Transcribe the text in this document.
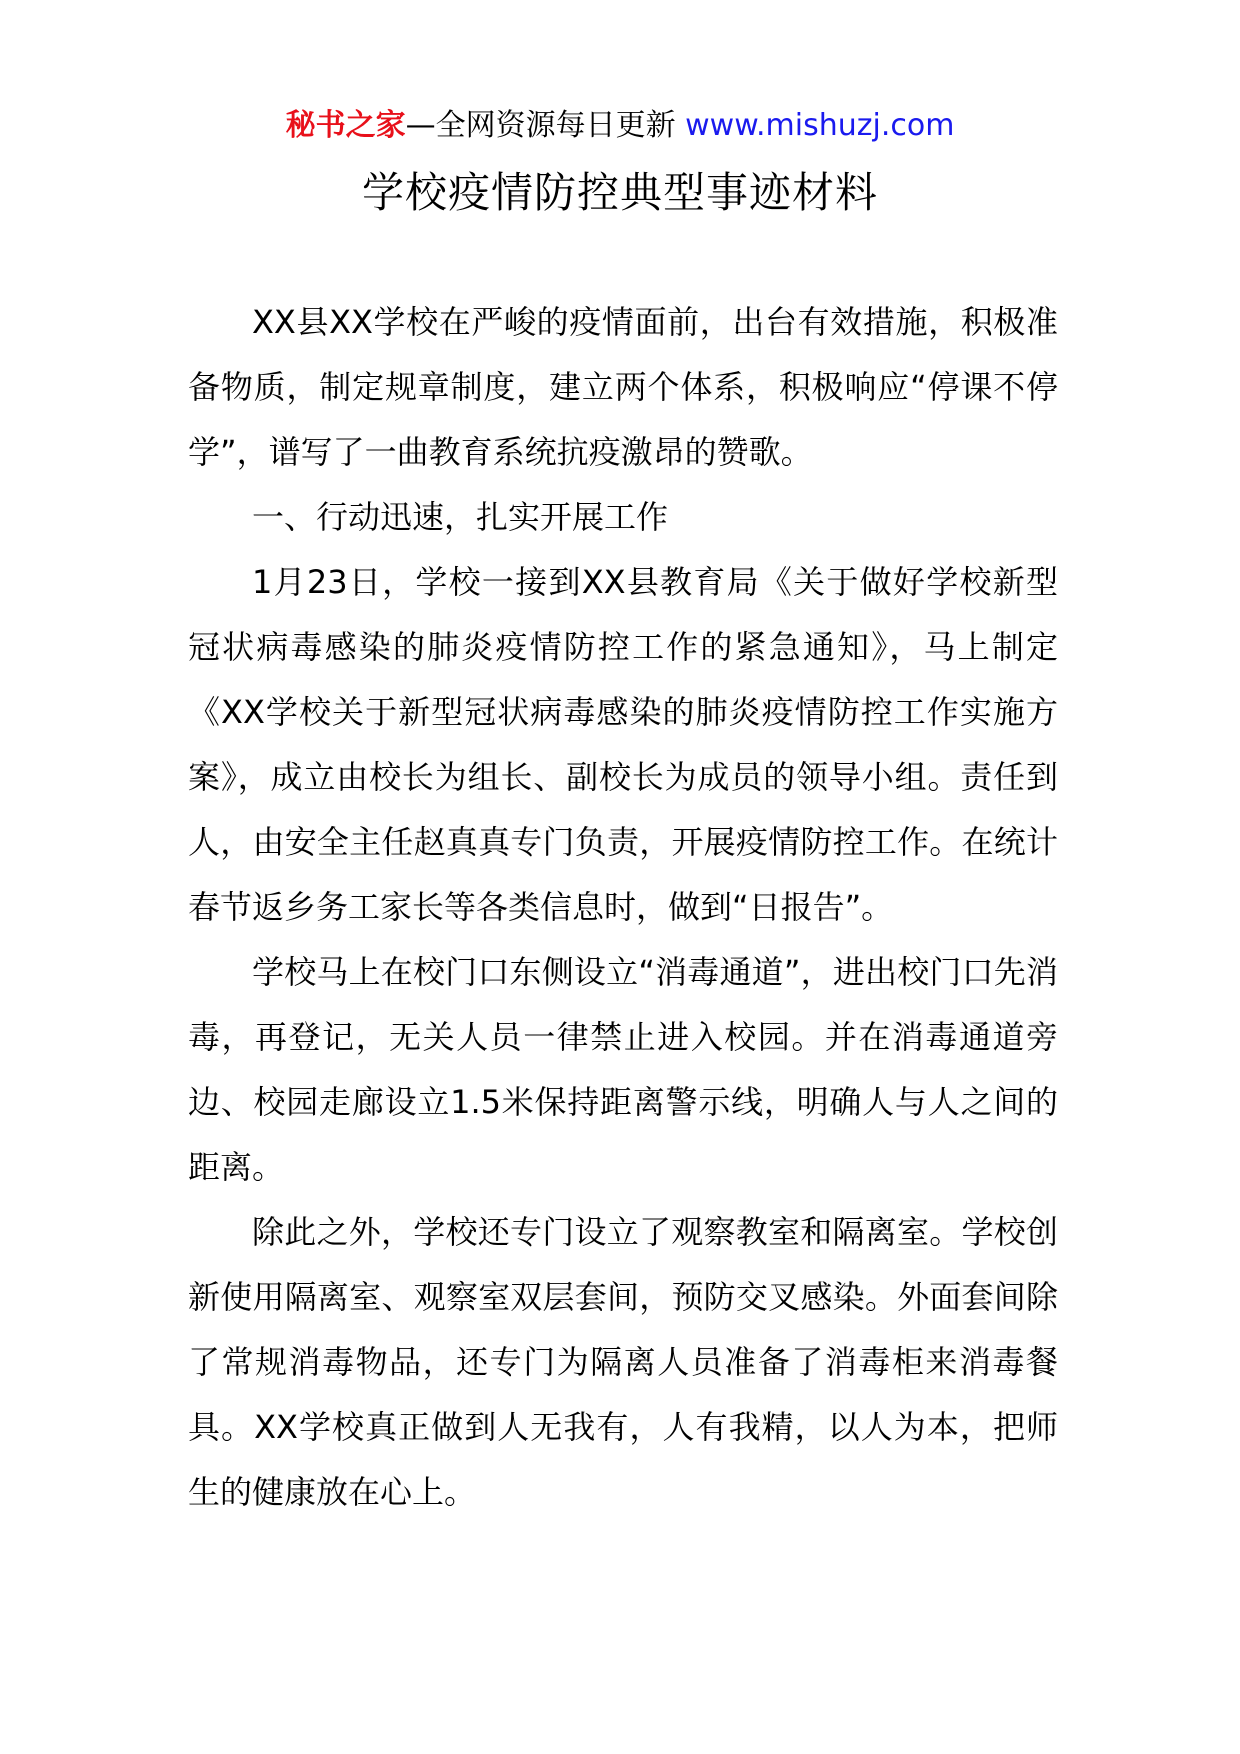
秘书之家—全网资源每日更新 www.mishuzj.com
学校疫情防控典型事迹材料

XX县XX学校在严峻的疫情面前，出台有效措施，积极准备物质，制定规章制度，建立两个体系，积极响应“停课不停学”，谱写了一曲教育系统抗疫激昂的赞歌。

一、行动迅速，扎实开展工作

1月23日，学校一接到XX县教育局《关于做好学校新型冠状病毒感染的肺炎疫情防控工作的紧急通知》，马上制定《XX学校关于新型冠状病毒感染的肺炎疫情防控工作实施方案》，成立由校长为组长、副校长为成员的领导小组。责任到人，由安全主任赵真真专门负责，开展疫情防控工作。在统计春节返乡务工家长等各类信息时，做到“日报告”。

学校马上在校门口东侧设立“消毒通道”，进出校门口先消毒，再登记，无关人员一律禁止进入校园。并在消毒通道旁边、校园走廊设立1.5米保持距离警示线，明确人与人之间的距离。

除此之外，学校还专门设立了观察教室和隔离室。学校创新使用隔离室、观察室双层套间，预防交叉感染。外面套间除了常规消毒物品，还专门为隔离人员准备了消毒柜来消毒餐具。XX学校真正做到人无我有，人有我精，以人为本，把师生的健康放在心上。
